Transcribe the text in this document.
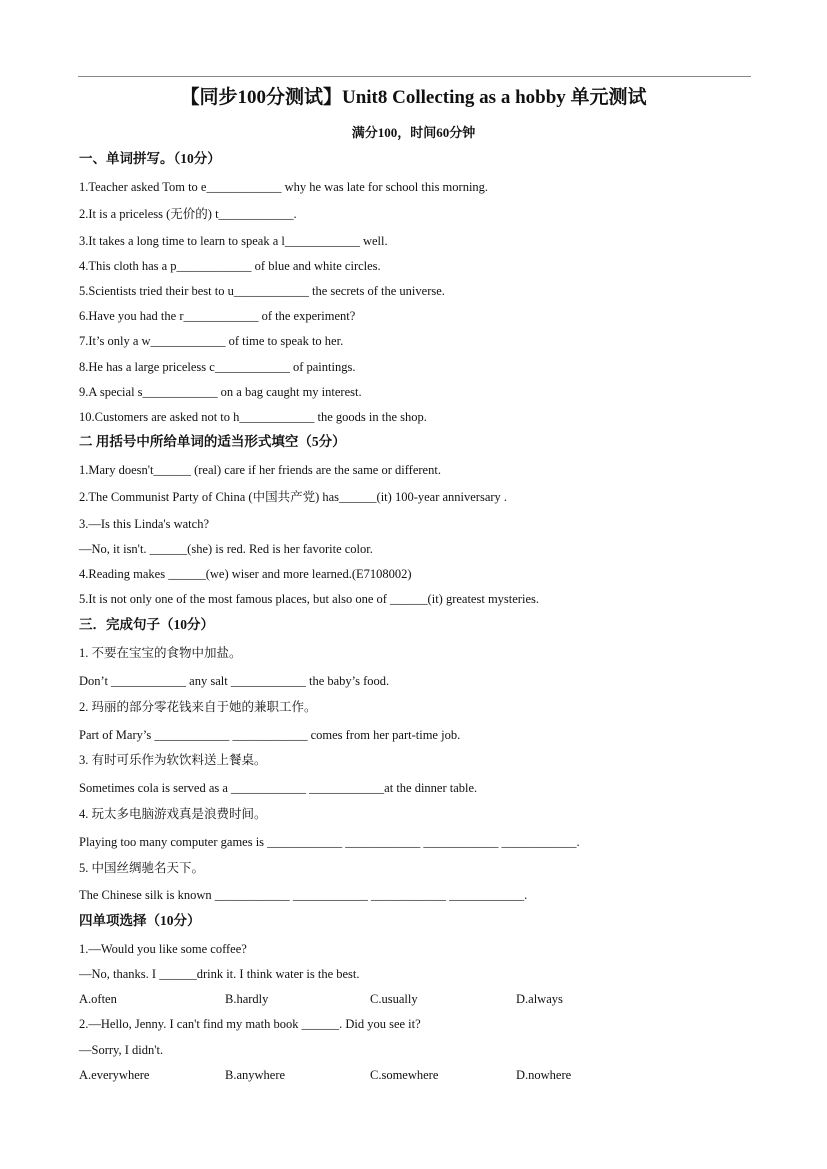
【同步100分测试】Unit8 Collecting as a hobby 单元测试
满分100，时间60分钟
一、单词拼写。（10分）
1.Teacher asked Tom to e____________ why he was late for school this morning.
2.It is a priceless (无价的) t____________.
3.It takes a long time to learn to speak a l____________ well.
4.This cloth has a p____________ of blue and white circles.
5.Scientists tried their best to u____________ the secrets of the universe.
6.Have you had the r____________ of the experiment?
7.It’s only a w____________ of time to speak to her.
8.He has a large priceless c____________ of paintings.
9.A special s____________ on a bag caught my interest.
10.Customers are asked not to h____________ the goods in the shop.
二 用括号中所给单词的适当形式填空（5分）
1.Mary doesn't______ (real) care if her friends are the same or different.
2.The Communist Party of China (中国共产党) has______(it) 100-year anniversary .
3.—Is this Linda's watch?
—No, it isn't. ______(she) is red. Red is her favorite color.
4.Reading makes ______(we) wiser and more learned.(E7108002)
5.It is not only one of the most famous places, but also one of ______(it) greatest mysteries.
三．完成句子（10分）
1. 不要在宝宝的食物中加盐。
Don’t ____________ any salt ____________ the baby’s food.
2. 玛丽的部分零花钱来自于她的兼职工作。
Part of Mary’s ____________ ____________ comes from her part-time job.
3. 有时可乐作为软饮料送上餐桌。
Sometimes cola is served as a ____________ ____________at the dinner table.
4. 玩太多电脑游戏真是浪费时间。
Playing too many computer games is ____________ ____________ ____________ ____________.
5. 中国丝绸驰名天下。
The Chinese silk is known ____________ ____________ ____________ ____________.
四单项选择（10分）
1.—Would you like some coffee?
—No, thanks. I ______drink it. I think water is the best.
A.often	B.hardly	C.usually	D.always
2.—Hello, Jenny. I can't find my math book ______. Did you see it?
—Sorry, I didn't.
A.everywhere	B.anywhere	C.somewhere	D.nowhere
